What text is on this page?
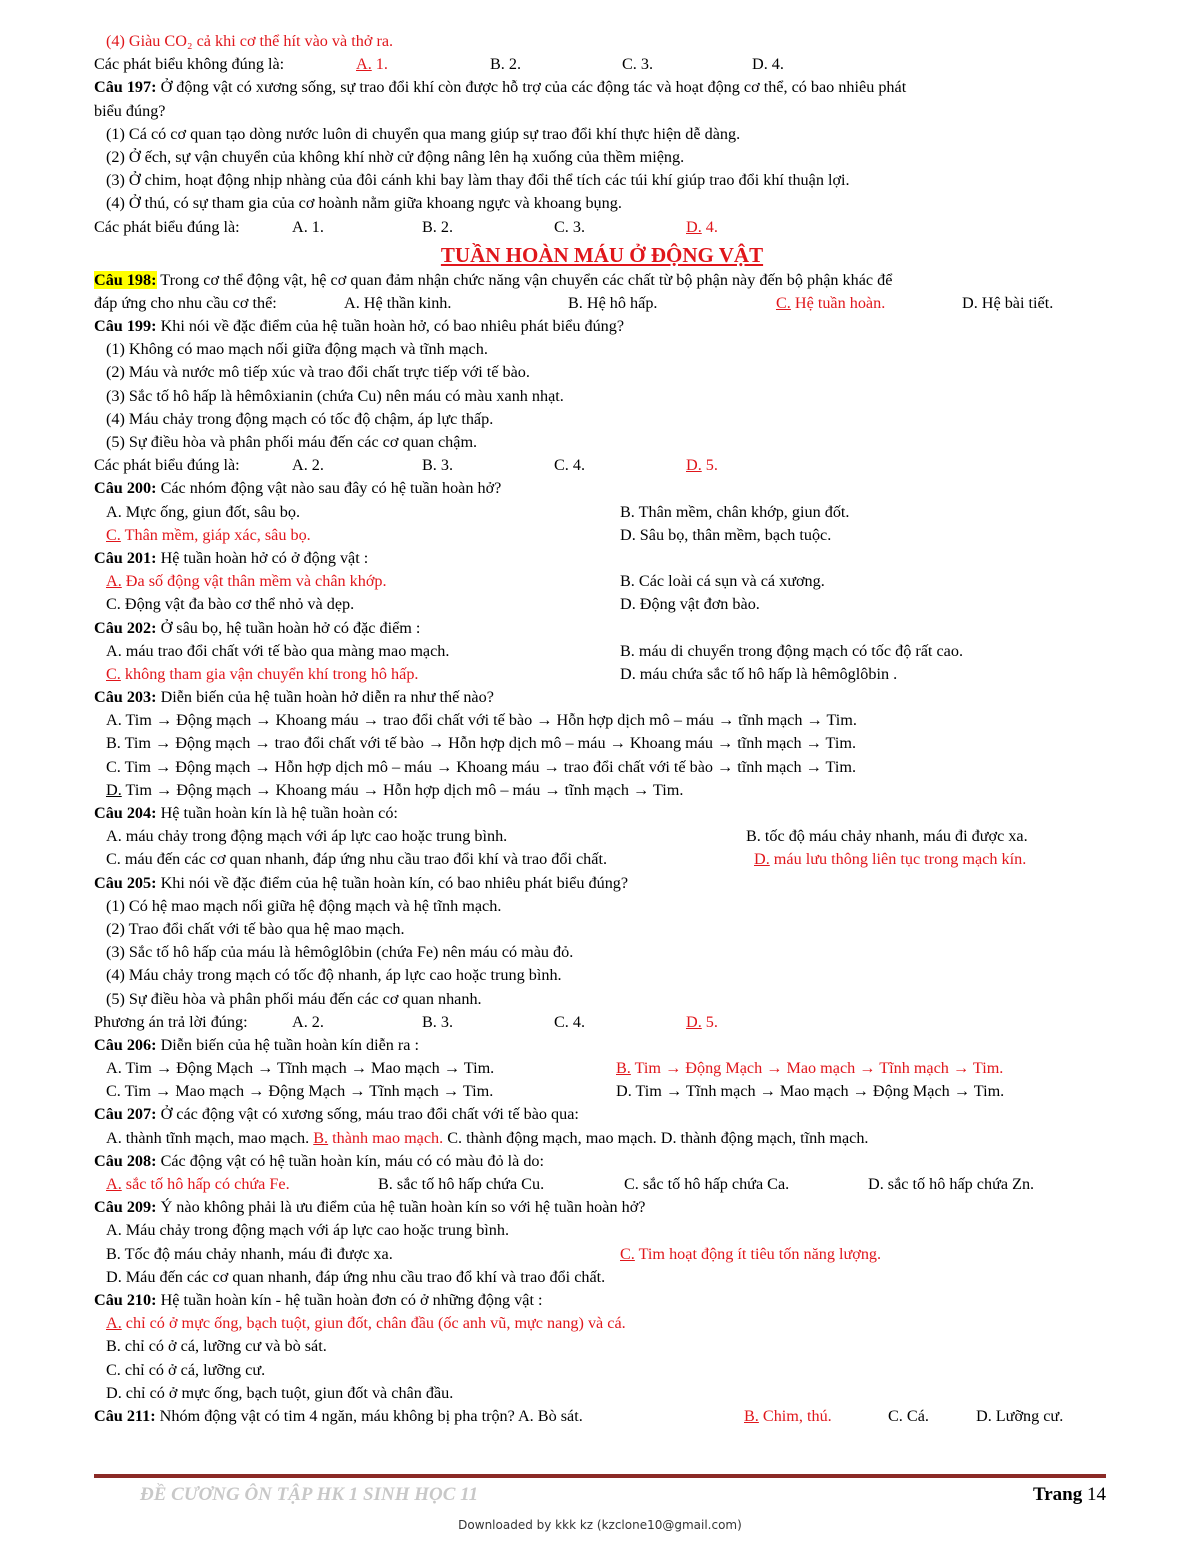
(4) Giàu CO₂ cả khi cơ thể hít vào và thở ra.
Các phát biểu không đúng là:	A. 1.	B. 2.	C. 3.	D. 4.
Câu 197: Ở động vật có xương sống, sự trao đổi khí còn được hỗ trợ của các động tác và hoạt động cơ thể, có bao nhiêu phát
biểu đúng?
(1) Cá có cơ quan tạo dòng nước luôn di chuyển qua mang giúp sự trao đổi khí thực hiện dễ dàng.
(2) Ở ếch, sự vận chuyển của không khí nhờ cử động nâng lên hạ xuống của thềm miệng.
(3) Ở chim, hoạt động nhịp nhàng của đôi cánh khi bay làm thay đổi thể tích các túi khí giúp trao đổi khí thuận lợi.
(4) Ở thú, có sự tham gia của cơ hoành nằm giữa khoang ngực và khoang bụng.
Các phát biểu đúng là:	A. 1.	B. 2.	C. 3.	D. 4.
TUẦN HOÀN MÁU Ở ĐỘNG VẬT
Câu 198: Trong cơ thể động vật, hệ cơ quan đảm nhận chức năng vận chuyển các chất từ bộ phận này đến bộ phận khác để
đáp ứng cho nhu cầu cơ thể:	A. Hệ thần kinh.	B. Hệ hô hấp.	C. Hệ tuần hoàn.	D. Hệ bài tiết.
Câu 199: Khi nói về đặc điểm của hệ tuần hoàn hở, có bao nhiêu phát biểu đúng?
(1) Không có mao mạch nối giữa động mạch và tĩnh mạch.
(2) Máu và nước mô tiếp xúc và trao đổi chất trực tiếp với tế bào.
(3) Sắc tố hô hấp là hêmôxianin (chứa Cu) nên máu có màu xanh nhạt.
(4) Máu chảy trong động mạch có tốc độ chậm, áp lực thấp.
(5) Sự điều hòa và phân phối máu đến các cơ quan chậm.
Các phát biểu đúng là:	A. 2.	B. 3.	C. 4.	D. 5.
Câu 200: Các nhóm động vật nào sau đây có hệ tuần hoàn hở?
A. Mực ống, giun đốt, sâu bọ.	B. Thân mềm, chân khớp, giun đốt.
C. Thân mềm, giáp xác, sâu bọ.	D. Sâu bọ, thân mềm, bạch tuộc.
Câu 201: Hệ tuần hoàn hở có ở động vật :
A. Đa số động vật thân mềm và chân khớp.	B. Các loài cá sụn và cá xương.
C. Động vật đa bào cơ thể nhỏ và dẹp.	D. Động vật đơn bào.
Câu 202: Ở sâu bọ, hệ tuần hoàn hở có đặc điểm :
A. máu trao đổi chất với tế bào qua màng mao mạch.	B. máu di chuyển trong động mạch có tốc độ rất cao.
C. không tham gia vận chuyển khí trong hô hấp.	D. máu chứa sắc tố hô hấp là hêmôglôbin .
Câu 203: Diễn biến của hệ tuần hoàn hở diễn ra như thế nào?
A. Tim → Động mạch → Khoang máu → trao đổi chất với tế bào → Hỗn hợp dịch mô – máu → tĩnh mạch → Tim.
B. Tim → Động mạch → trao đổi chất với tế bào → Hỗn hợp dịch mô – máu → Khoang máu → tĩnh mạch → Tim.
C. Tim → Động mạch → Hỗn hợp dịch mô – máu → Khoang máu → trao đổi chất với tế bào → tĩnh mạch → Tim.
D. Tim → Động mạch → Khoang máu → Hỗn hợp dịch mô – máu → tĩnh mạch → Tim.
Câu 204: Hệ tuần hoàn kín là hệ tuần hoàn có:
A. máu chảy trong động mạch với áp lực cao hoặc trung bình.	B. tốc độ máu chảy nhanh, máu đi được xa.
C. máu đến các cơ quan nhanh, đáp ứng nhu cầu trao đổi khí và trao đổi chất.	D. máu lưu thông liên tục trong mạch kín.
Câu 205: Khi nói về đặc điểm của hệ tuần hoàn kín, có bao nhiêu phát biểu đúng?
(1) Có hệ mao mạch nối giữa hệ động mạch và hệ tĩnh mạch.
(2) Trao đổi chất với tế bào qua hệ mao mạch.
(3) Sắc tố hô hấp của máu là hêmôglôbin (chứa Fe) nên máu có màu đỏ.
(4) Máu chảy trong mạch có tốc độ nhanh, áp lực cao hoặc trung bình.
(5) Sự điều hòa và phân phối máu đến các cơ quan nhanh.
Phương án trả lời đúng:	A. 2.	B. 3.	C. 4.	D. 5.
Câu 206: Diễn biến của hệ tuần hoàn kín diễn ra :
A. Tim → Động Mạch → Tĩnh mạch → Mao mạch → Tim.	B. Tim → Động Mạch → Mao mạch → Tĩnh mạch → Tim.
C. Tim → Mao mạch → Động Mạch → Tĩnh mạch → Tim.	D. Tim → Tĩnh mạch → Mao mạch → Động Mạch → Tim.
Câu 207: Ở các động vật có xương sống, máu trao đổi chất với tế bào qua:
A. thành tĩnh mạch, mao mạch. B. thành mao mạch. C. thành động mạch, mao mạch. D. thành động mạch, tĩnh mạch.
Câu 208: Các động vật có hệ tuần hoàn kín, máu có có màu đỏ là do:
A. sắc tố hô hấp có chứa Fe.	B. sắc tố hô hấp chứa Cu.	C. sắc tố hô hấp chứa Ca.	D. sắc tố hô hấp chứa Zn.
Câu 209: Ý nào không phải là ưu điểm của hệ tuần hoàn kín so với hệ tuần hoàn hở?
A. Máu chảy trong động mạch với áp lực cao hoặc trung bình.
B. Tốc độ máu chảy nhanh, máu đi được xa.	C. Tim hoạt động ít tiêu tốn năng lượng.
D. Máu đến các cơ quan nhanh, đáp ứng nhu cầu trao đổ khí và trao đổi chất.
Câu 210: Hệ tuần hoàn kín - hệ tuần hoàn đơn có ở những động vật :
A. chỉ có ở mực ống, bạch tuột, giun đốt, chân đầu (ốc anh vũ, mực nang) và cá.
B. chỉ có ở cá, lưỡng cư và bò sát.
C. chỉ có ở cá, lưỡng cư.
D. chỉ có ở mực ống, bạch tuột, giun đốt và chân đầu.
Câu 211: Nhóm động vật có tim 4 ngăn, máu không bị pha trộn? A. Bò sát.	B. Chim, thú.	C. Cá.	D. Lưỡng cư.
ĐỀ CƯƠNG ÔN TẬP HK 1 SINH HỌC 11	Trang 14
Downloaded by kkk kz (kzclone10@gmail.com)
